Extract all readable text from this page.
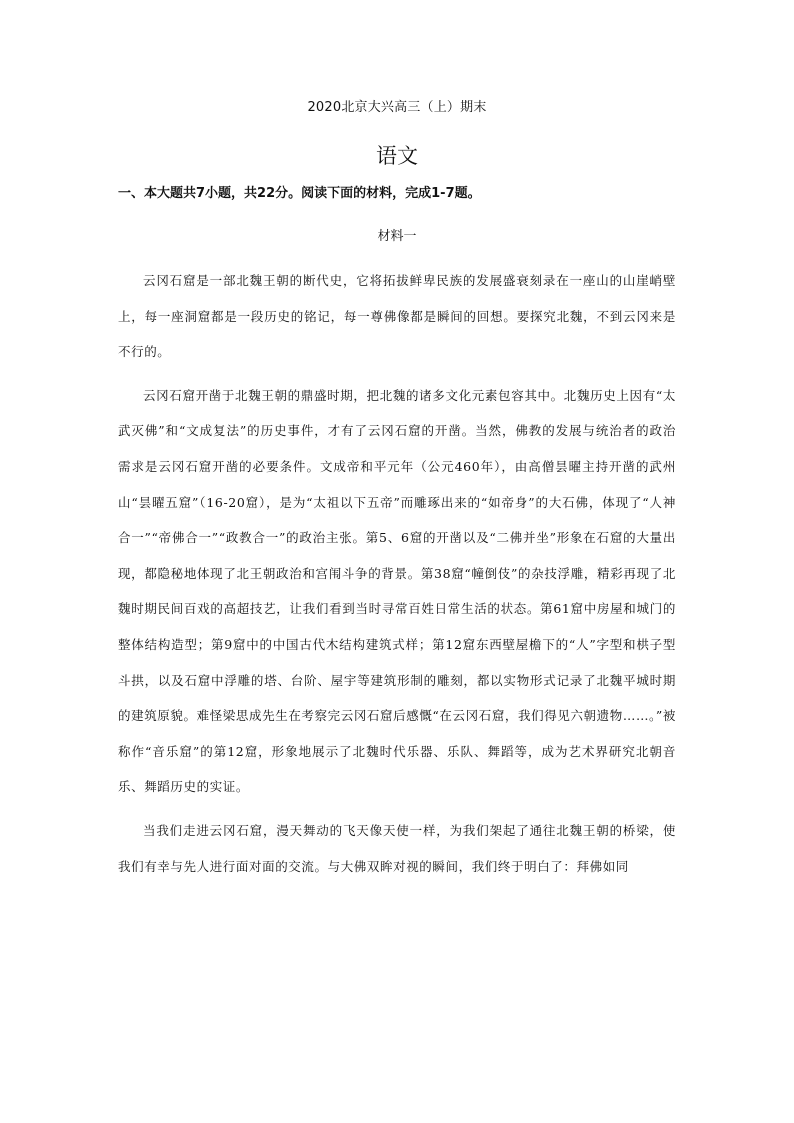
2020北京大兴高三（上）期末
语文
一、本大题共7小题，共22分。阅读下面的材料，完成1-7题。
材料一

云冈石窟是一部北魏王朝的断代史，它将拓拔鲜卑民族的发展盛衰刻录在一座山的山崖峭壁上，每一座洞窟都是一段历史的铭记，每一尊佛像都是瞬间的回想。要探究北魏，不到云冈来是不行的。

云冈石窟开凿于北魏王朝的鼎盛时期，把北魏的诸多文化元素包容其中。北魏历史上因有“太武灭佛”和“文成复法”的历史事件，才有了云冈石窟的开凿。当然，佛教的发展与统治者的政治需求是云冈石窟开凿的必要条件。文成帝和平元年（公元460年），由高僧昙曜主持开凿的武州山“昙曜五窟”（16-20窟），是为“太祖以下五帝”而雕琢出来的“如帝身”的大石佛，体现了“人神合一”“帝佛合一”“政教合一”的政治主张。第5、6窟的开凿以及“二佛并坐”形象在石窟的大量出现，都隐秘地体现了北王朝政治和宫闱斗争的背景。第38窟“幢倒伎”的杂技浮雕，精彩再现了北魏时期民间百戏的高超技艺，让我们看到当时寻常百姓日常生活的状态。第61窟中房屋和城门的整体结构造型；第9窟中的中国古代木结构建筑式样；第12窟东西壁屋檐下的“人”字型和栱子型斗拱，以及石窟中浮雕的塔、台阶、屋宇等建筑形制的雕刻，都以实物形式记录了北魏平城时期的建筑原貌。难怪梁思成先生在考察完云冈石窟后感慨“在云冈石窟，我们得见六朝遗物……。”被称作“音乐窟”的第12窟，形象地展示了北魏时代乐器、乐队、舞蹈等，成为艺术界研究北朝音乐、舞蹈历史的实证。

当我们走进云冈石窟，漫天舞动的飞天像天使一样，为我们架起了通往北魏王朝的桥梁，使我们有幸与先人进行面对面的交流。与大佛双眸对视的瞬间，我们终于明白了：拜佛如同
